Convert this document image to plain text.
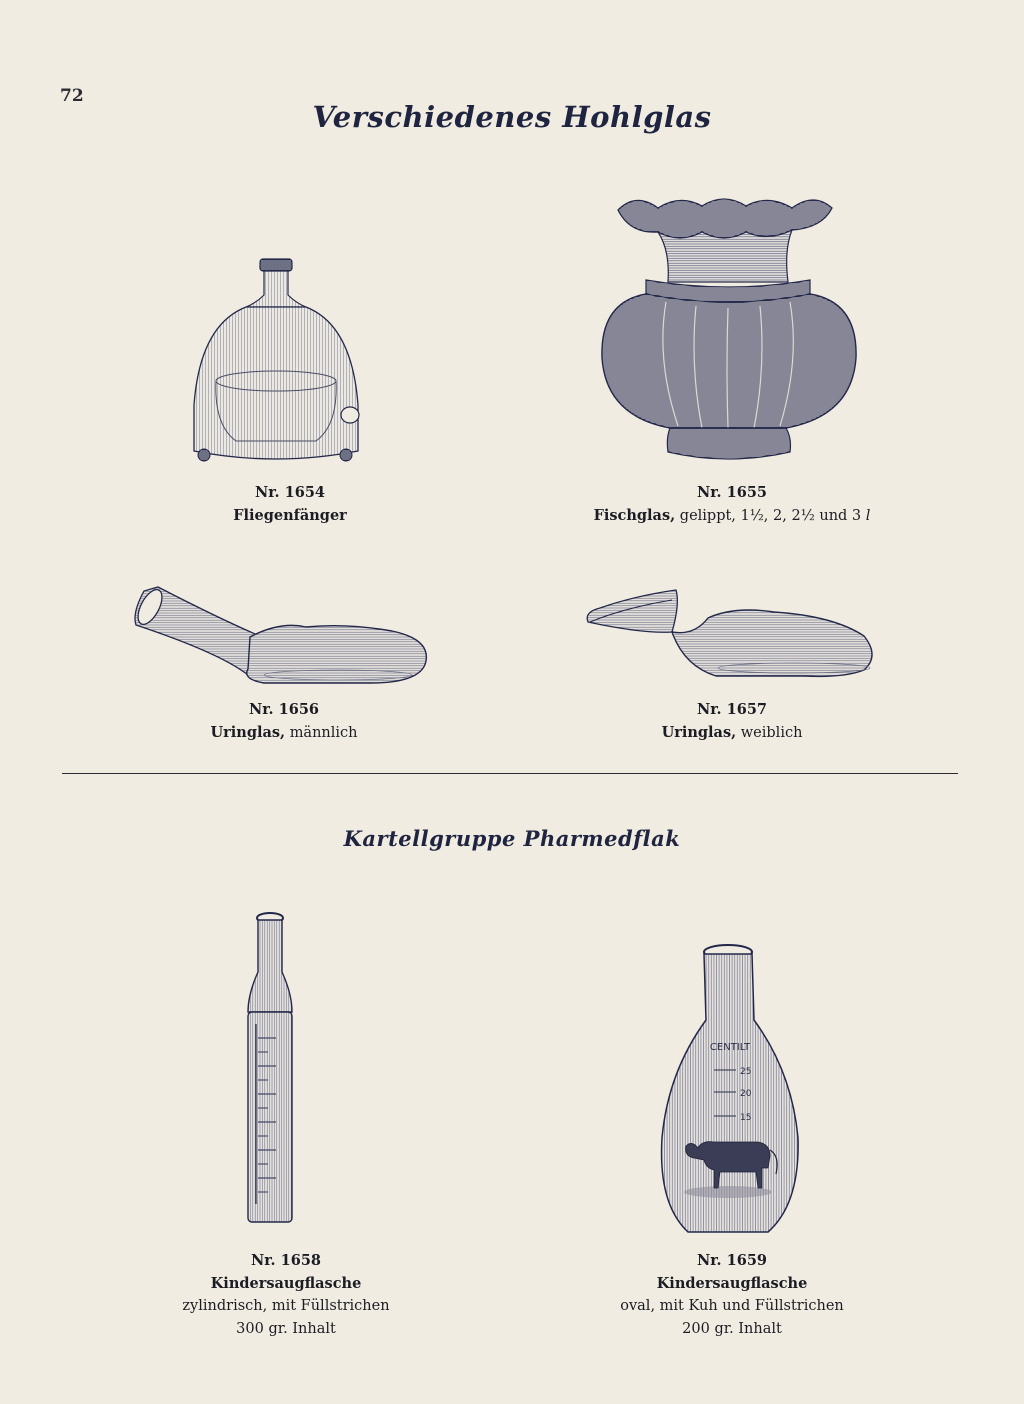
72
Verschiedenes Hohlglas
Nr. 1654
Fliegenfänger
Nr. 1655
Fischglas, gelippt, 1½, 2, 2½ und 3 l
Nr. 1656
Uringlas, männlich
Nr. 1657
Uringlas, weiblich
Kartellgruppe Pharmedflak
Nr. 1658
Kindersaugflasche
zylindrisch, mit Füllstrichen
300 gr. Inhalt
CENTILT
25
20
15
Nr. 1659
Kindersaugflasche
oval, mit Kuh und Füllstrichen
200 gr. Inhalt
